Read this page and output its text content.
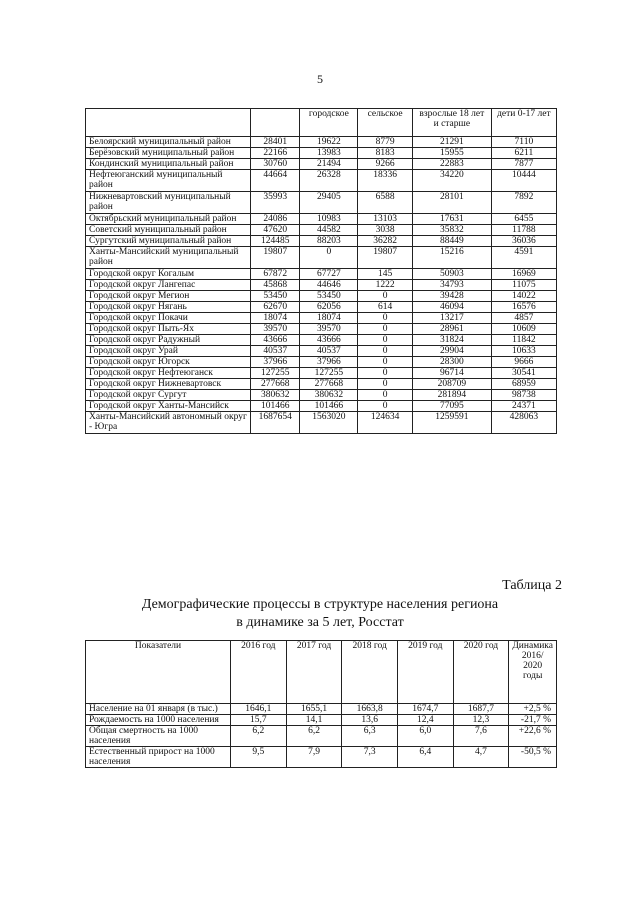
5
		городское	сельское	взрослые 18 лет и старше	дети 0-17 лет
Белоярский муниципальный район	28401	19622	8779	21291	7110
Берёзовский муниципальный район	22166	13983	8183	15955	6211
Кондинский муниципальный район	30760	21494	9266	22883	7877
Нефтеюганский муниципальный район	44664	26328	18336	34220	10444
Нижневартовский муниципальный район	35993	29405	6588	28101	7892
Октябрьский муниципальный район	24086	10983	13103	17631	6455
Советский муниципальный район	47620	44582	3038	35832	11788
Сургутский муниципальный район	124485	88203	36282	88449	36036
Ханты-Мансийский муниципальный район	19807	0	19807	15216	4591
Городской округ Когалым	67872	67727	145	50903	16969
Городской округ Лангепас	45868	44646	1222	34793	11075
Городской округ Мегион	53450	53450	0	39428	14022
Городской округ Нягань	62670	62056	614	46094	16576
Городской округ Покачи	18074	18074	0	13217	4857
Городской округ Пыть-Ях	39570	39570	0	28961	10609
Городской округ Радужный	43666	43666	0	31824	11842
Городской округ Урай	40537	40537	0	29904	10633
Городской округ Югорск	37966	37966	0	28300	9666
Городской округ Нефтеюганск	127255	127255	0	96714	30541
Городской округ Нижневартовск	277668	277668	0	208709	68959
Городской округ Сургут	380632	380632	0	281894	98738
Городской округ Ханты-Мансийск	101466	101466	0	77095	24371
Ханты-Мансийский автономный округ - Югра	1687654	1563020	124634	1259591	428063
Таблица 2
Демографические процессы в структуре населения региона
в динамике за 5 лет, Росстат
Показатели	2016 год	2017 год	2018 год	2019 год	2020 год	Динамика 2016/ 2020 годы
Население на 01 января (в тыс.)	1646,1	1655,1	1663,8	1674,7	1687,7	+2,5 %
Рождаемость на 1000 населения	15,7	14,1	13,6	12,4	12,3	-21,7 %
Общая смертность на 1000 населения	6,2	6,2	6,3	6,0	7,6	+22,6 %
Естественный прирост на 1000 населения	9,5	7,9	7,3	6,4	4,7	-50,5 %
